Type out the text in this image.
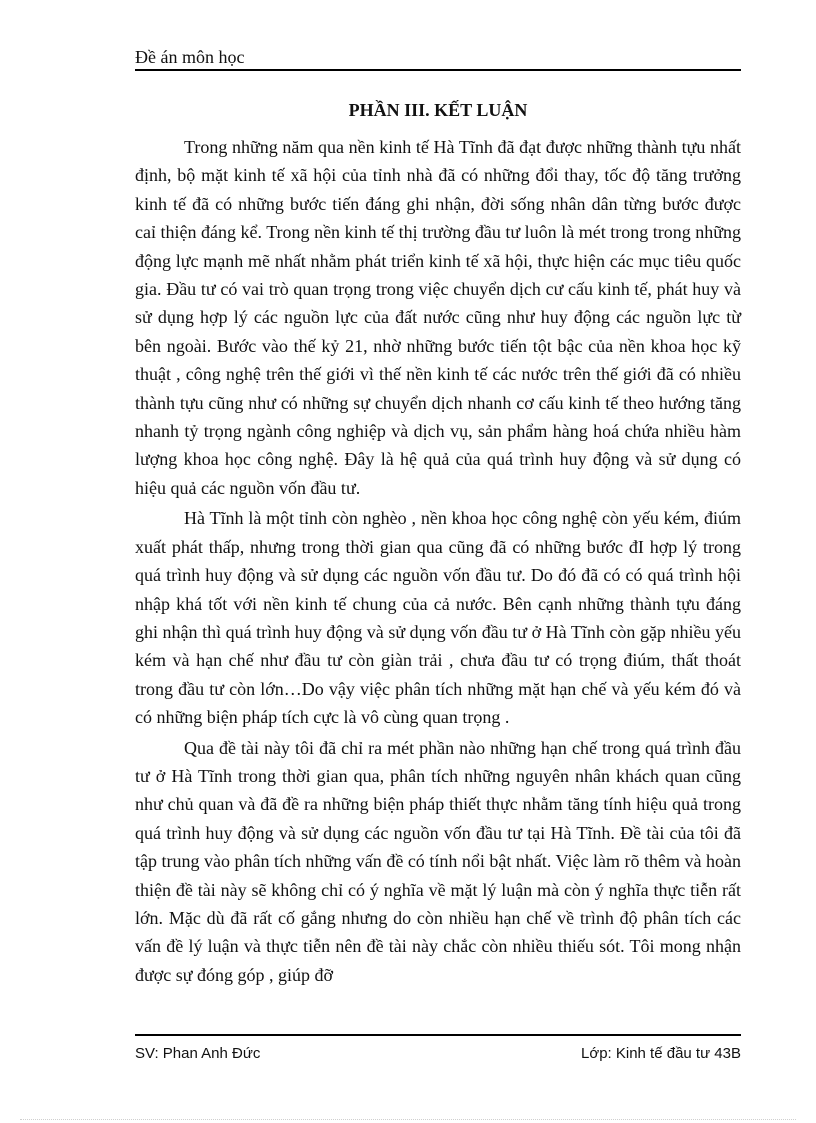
Đề án môn học
PHẦN III. KẾT LUẬN

Trong những năm qua nền kinh tế Hà Tĩnh đã đạt được những thành tựu nhất định, bộ mặt kinh tế xã hội của tỉnh nhà đã có những đổi thay, tốc độ tăng trưởng kinh tế đã có những bước tiến đáng ghi nhận, đời sống nhân dân từng bước được caỉ thiện đáng kể. Trong nền kinh tế thị trường đầu tư luôn là mét trong trong những động lực mạnh mẽ nhất nhằm phát triển kinh tế xã hội, thực hiện các mục tiêu quốc gia. Đầu tư có vai trò quan trọng trong việc chuyển dịch cư cấu kinh tế, phát huy và sử dụng hợp lý các nguồn lực của đất nước cũng như huy động các nguồn lực từ bên ngoài. Bước vào thế kỷ 21, nhờ những bước tiến tột bậc của nền khoa học kỹ thuật , công nghệ trên thế giới vì thế nền kinh tế các nước trên thế giới đã có nhiều thành tựu cũng như có những sự chuyển dịch nhanh cơ cấu kinh tế theo hướng tăng nhanh tỷ trọng ngành công nghiệp và dịch vụ, sản phẩm hàng hoá chứa nhiều hàm lượng khoa học công nghệ. Đây là hệ quả của quá trình huy động và sử dụng có hiệu quả các nguồn vốn đầu tư.

Hà Tĩnh là một tỉnh còn nghèo , nền khoa học công nghệ còn yếu kém, điúm xuất phát thấp, nhưng trong thời gian qua cũng đã có những bước đI hợp lý trong quá trình huy động và sử dụng các nguồn vốn đầu tư. Do đó đã có có quá trình hội nhập khá tốt với nền kinh tế chung của cả nước. Bên cạnh những thành tựu đáng ghi nhận thì quá trình huy động và sử dụng vốn đầu tư ở Hà Tĩnh còn gặp nhiều yếu kém và hạn chế như đầu tư còn giàn trải , chưa đầu tư có trọng điúm, thất thoát trong đầu tư còn lớn…Do vậy việc phân tích những mặt hạn chế và yếu kém đó và có những biện pháp tích cực là vô cùng quan trọng .

Qua đề tài này tôi đã chỉ ra mét phần nào những hạn chế trong quá trình đầu tư ở Hà Tĩnh trong thời gian qua, phân tích những nguyên nhân khách quan cũng như chủ quan và đã đề ra những biện pháp thiết thực nhằm tăng tính hiệu quả trong quá trình huy động và sử dụng các nguồn vốn đầu tư tại Hà Tĩnh. Đề tài của tôi đã tập trung vào phân tích những vấn đề có tính nổi bật nhất. Việc làm rõ thêm và hoàn thiện đề tài này sẽ không chỉ có ý nghĩa về mặt lý luận mà còn ý nghĩa thực tiễn rất lớn. Mặc dù đã rất cố gắng nhưng do còn nhiều hạn chế về trình độ phân tích các vấn đề lý luận và thực tiễn nên đề tài này chắc còn nhiều thiếu sót. Tôi mong nhận được sự đóng góp , giúp đỡ

SV: Phan Anh Đức	Lớp: Kinh tế đầu tư 43B
